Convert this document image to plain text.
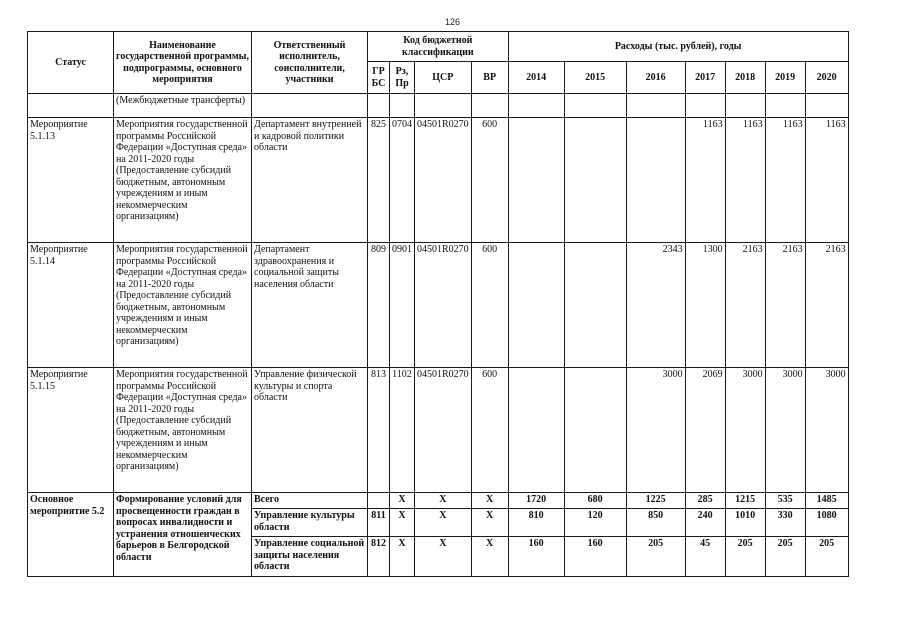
126
Статус	Наименование государственной программы, подпрограммы, основного мероприятия	Ответственный исполнитель, соисполнители, участники	Код бюджетной классификации				Расходы (тыс. рублей), годы						
			ГРБС	Рз, Пр	ЦСР	ВР	2014	2015	2016	2017	2018	2019	2020
	(Межбюджетные трансферты)												
Мероприятие 5.1.13	Мероприятия государственной программы Российской Федерации «Доступная среда» на 2011-2020 годы (Предоставление субсидий бюджетным, автономным учреждениям и иным некоммерческим организациям)	Департамент внутренней и кадровой политики области	825	0704	04501R0270	600				1163	1163	1163	1163
Мероприятие 5.1.14	Мероприятия государственной программы Российской Федерации «Доступная среда» на 2011-2020 годы (Предоставление субсидий бюджетным, автономным учреждениям и иным некоммерческим организациям)	Департамент здравоохранения и социальной защиты населения области	809	0901	04501R0270	600			2343	1300	2163	2163	2163
Мероприятие 5.1.15	Мероприятия государственной программы Российской Федерации «Доступная среда» на 2011-2020 годы (Предоставление субсидий бюджетным, автономным учреждениям и иным некоммерческим организациям)	Управление физической культуры и спорта области	813	1102	04501R0270	600			3000	2069	3000	3000	3000
Основное мероприятие 5.2	Формирование условий для просвещенности граждан в вопросах инвалидности и устранения отношенческих барьеров в Белгородской области	Всего		X	X	X	1720	680	1225	285	1215	535	1485
		Управление культуры области	811	X	X	X	810	120	850	240	1010	330	1080
		Управление социальной защиты населения области	812	X	X	X	160	160	205	45	205	205	205
